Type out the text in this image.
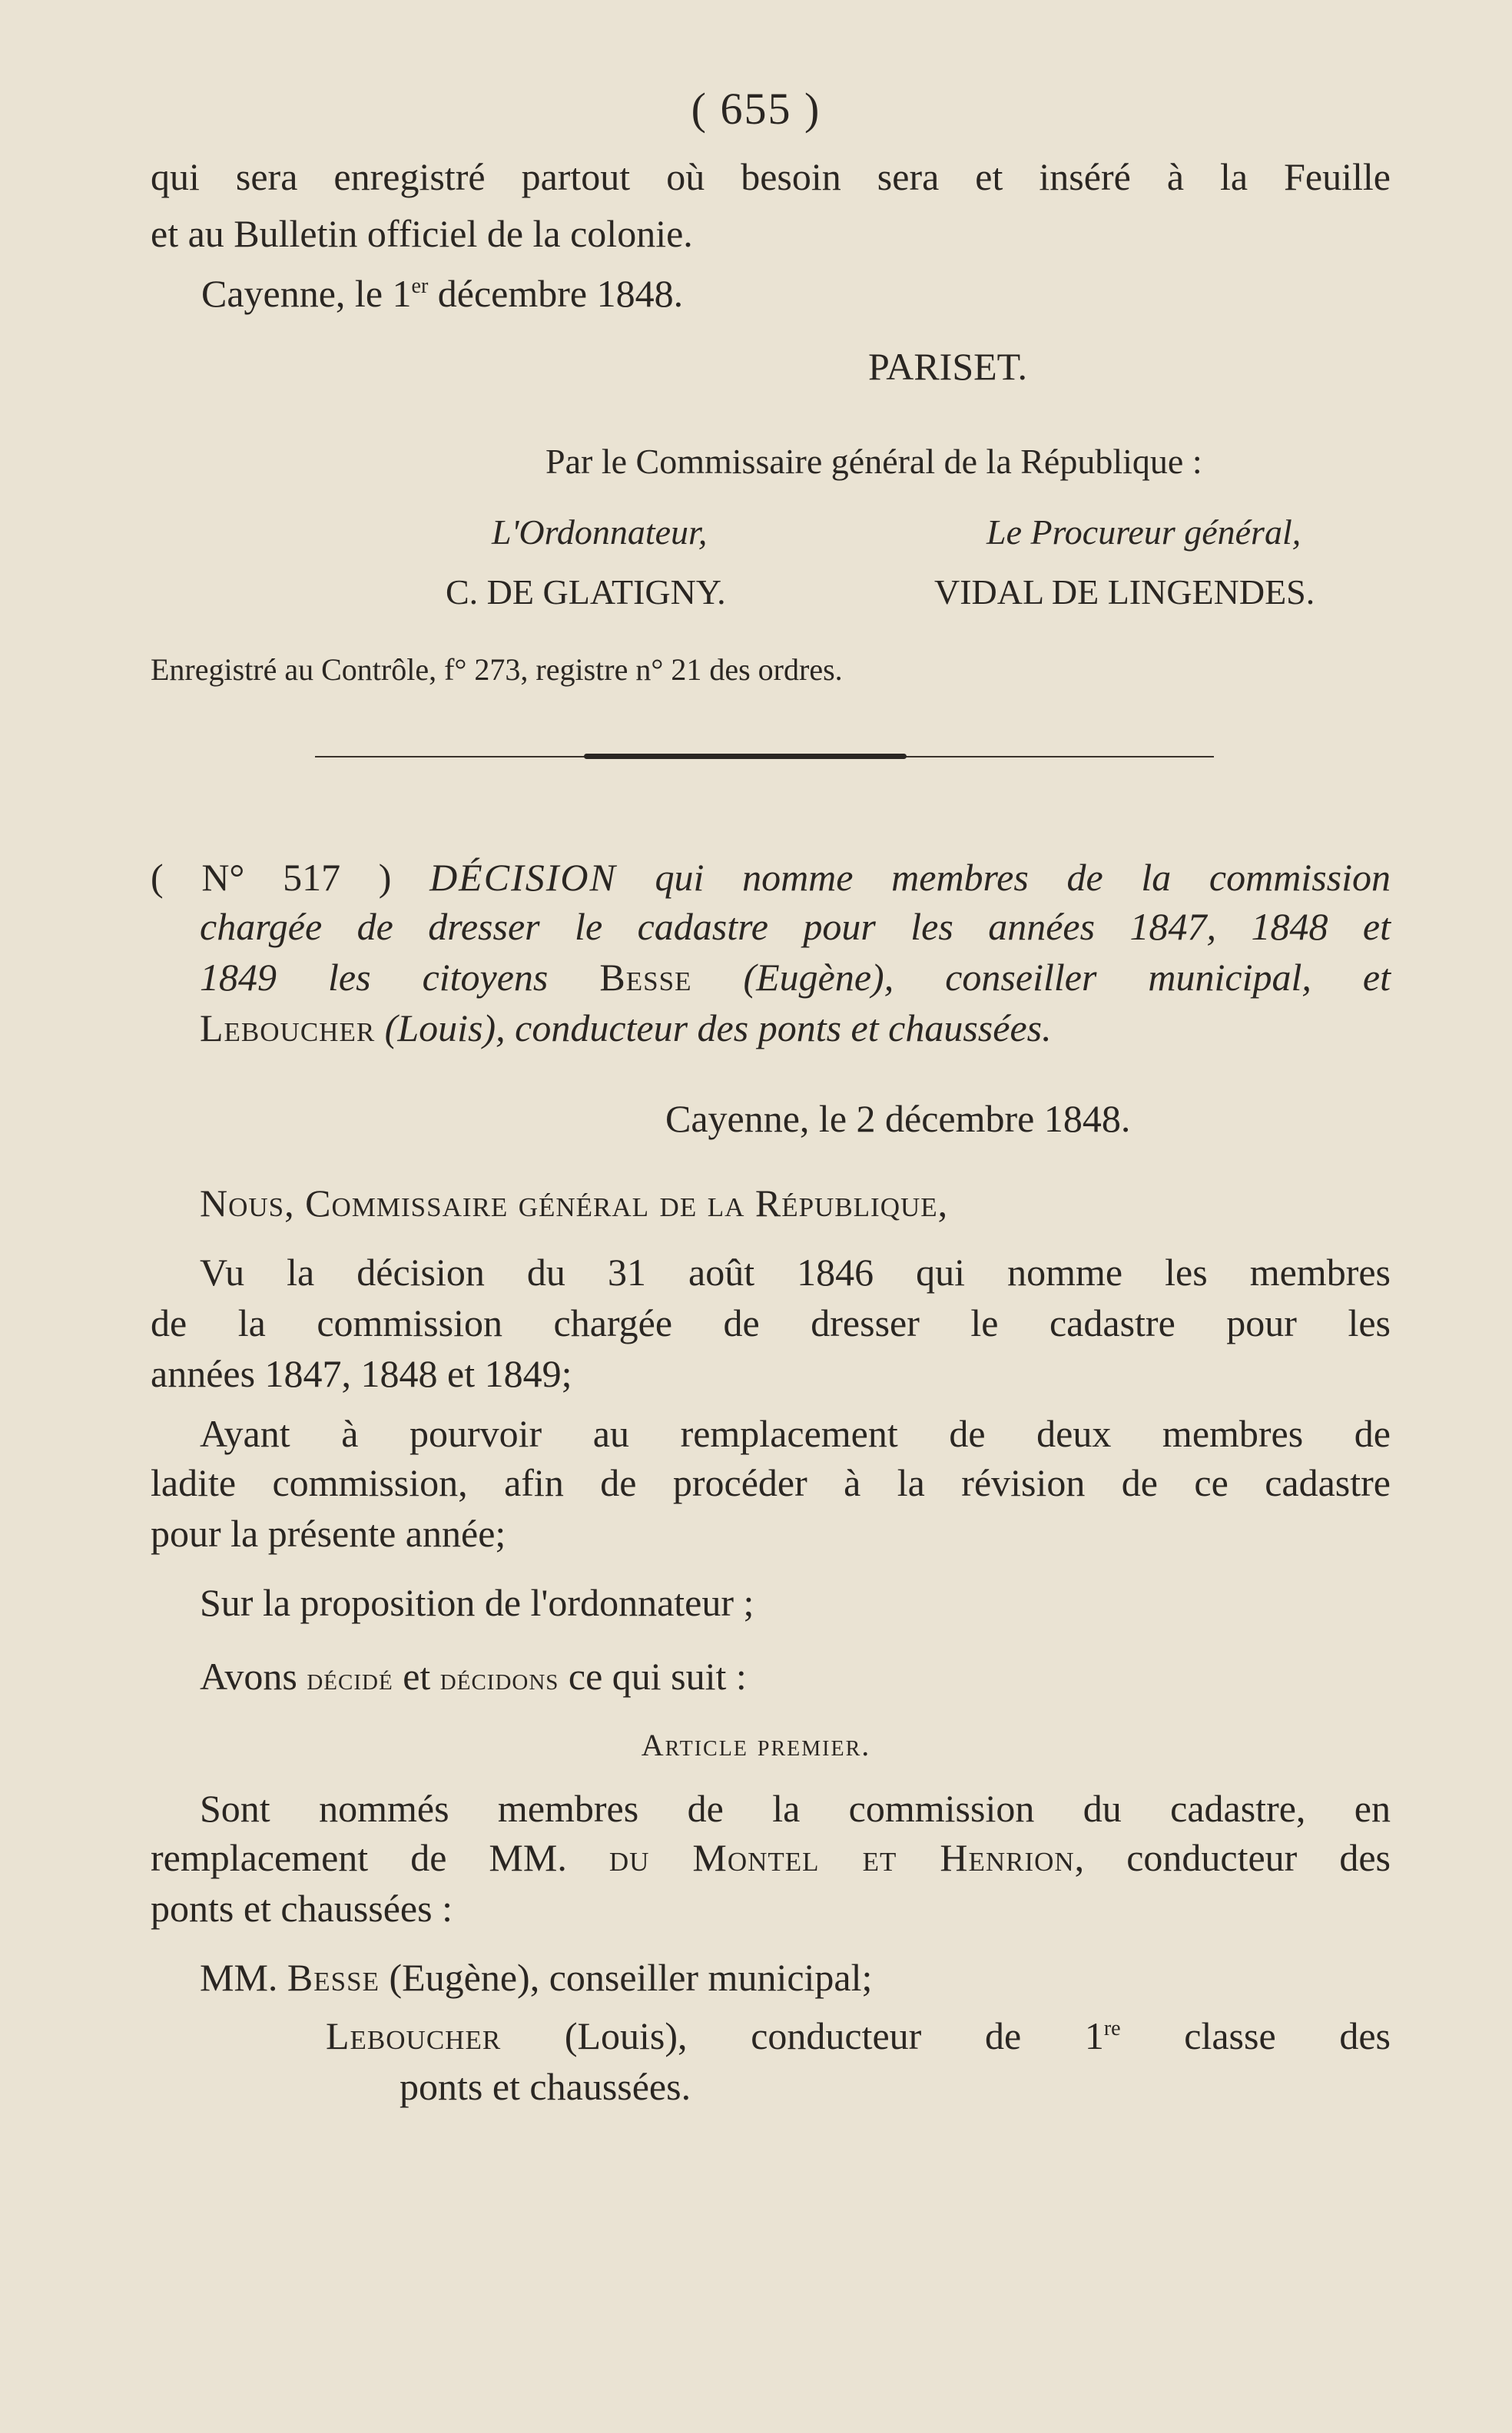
( 655 )
qui sera enregistré partout où besoin sera et inséré à la Feuille
et au Bulletin officiel de la colonie.
Cayenne, le 1er décembre 1848.
PARISET.
Par le Commissaire général de la République :
L'Ordonnateur,	Le Procureur général,
C. DE GLATIGNY.	VIDAL DE LINGENDES.
Enregistré au Contrôle, f° 273, registre n° 21 des ordres.
( N° 517 ) DÉCISION qui nomme membres de la commission
chargée de dresser le cadastre pour les années 1847, 1848 et
1849 les citoyens Besse (Eugène), conseiller municipal, et
Leboucher (Louis), conducteur des ponts et chaussées.
Cayenne, le 2 décembre 1848.
Nous, Commissaire général de la République,
Vu la décision du 31 août 1846 qui nomme les membres
de la commission chargée de dresser le cadastre pour les
années 1847, 1848 et 1849;
Ayant à pourvoir au remplacement de deux membres de
ladite commission, afin de procéder à la révision de ce cadastre
pour la présente année;
Sur la proposition de l'ordonnateur ;
Avons décidé et décidons ce qui suit :
Article premier.
Sont nommés membres de la commission du cadastre, en
remplacement de MM. du Montel et Henrion, conducteur des
ponts et chaussées :
MM. Besse (Eugène), conseiller municipal;
Leboucher (Louis), conducteur de 1re classe des
ponts et chaussées.
